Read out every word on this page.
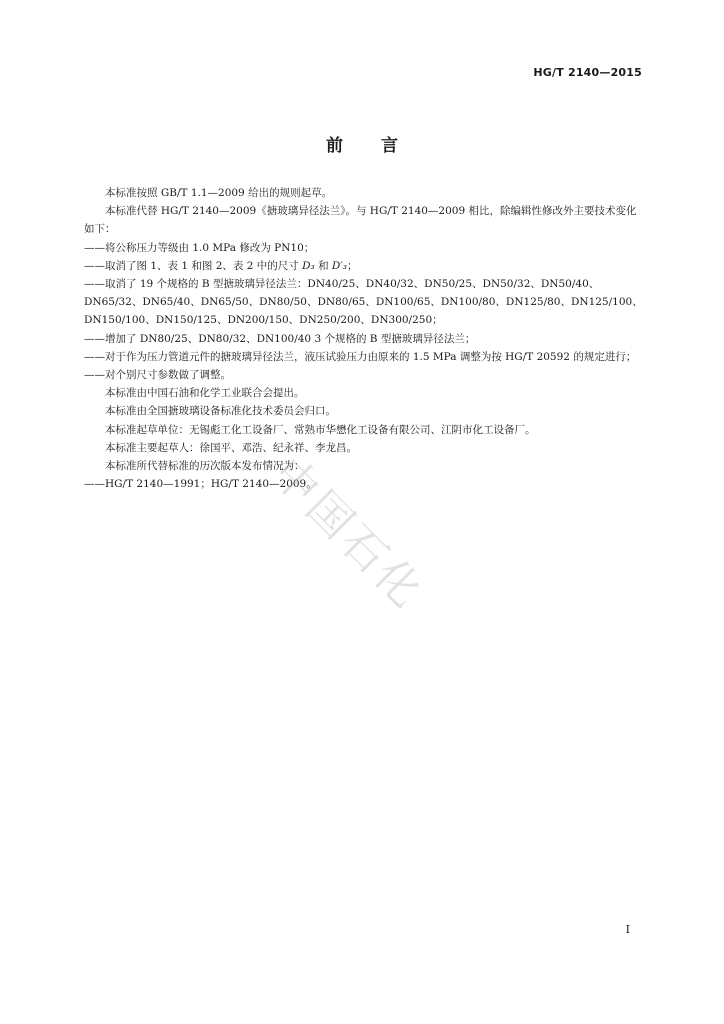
HG/T 2140—2015
前 言

本标准按照 GB/T 1.1—2009 给出的规则起草。

本标准代替 HG/T 2140—2009《搪玻璃异径法兰》。与 HG/T 2140—2009 相比，除编辑性修改外主要技术变化如下：

——将公称压力等级由 1.0 MPa 修改为 PN10；

——取消了图 1、表 1 和图 2、表 2 中的尺寸 D₃ 和 D′₃；

——取消了 19 个规格的 B 型搪玻璃异径法兰：DN40/25、DN40/32、DN50/25、DN50/32、DN50/40、DN65/32、DN65/40、DN65/50、DN80/50、DN80/65、DN100/65、DN100/80、DN125/80、DN125/100、DN150/100、DN150/125、DN200/150、DN250/200、DN300/250；

——增加了 DN80/25、DN80/32、DN100/40 3 个规格的 B 型搪玻璃异径法兰；

——对于作为压力管道元件的搪玻璃异径法兰，液压试验压力由原来的 1.5 MPa 调整为按 HG/T 20592 的规定进行；

——对个别尺寸参数做了调整。

本标准由中国石油和化学工业联合会提出。

本标准由全国搪玻璃设备标准化技术委员会归口。

本标准起草单位：无锡彪工化工设备厂、常熟市华懋化工设备有限公司、江阴市化工设备厂。

本标准主要起草人：徐国平、邓浩、纪永祥、李龙昌。

本标准所代替标准的历次版本发布情况为：

——HG/T 2140—1991；HG/T 2140—2009。

中国石化
I
